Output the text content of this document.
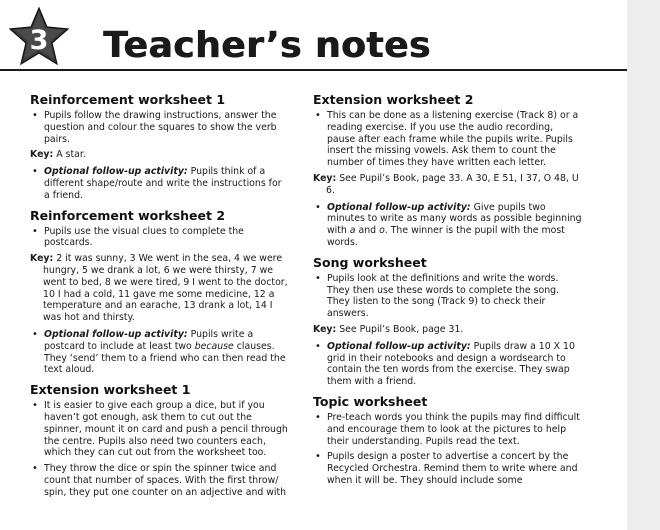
3 Teacher’s notes
Reinforcement worksheet 1

• Pupils follow the drawing instructions, answer the question and colour the squares to show the verb pairs.

Key: A star.

• Optional follow-up activity: Pupils think of a different shape/route and write the instructions for a friend.

Reinforcement worksheet 2

• Pupils use the visual clues to complete the postcards.

Key: 2 it was sunny, 3 We went in the sea, 4 we were hungry, 5 we drank a lot, 6 we were thirsty, 7 we went to bed, 8 we were tired, 9 I went to the doctor, 10 I had a cold, 11 gave me some medicine, 12 a temperature and an earache, 13 drank a lot, 14 I was hot and thirsty.

• Optional follow-up activity: Pupils write a postcard to include at least two because clauses. They ‘send’ them to a friend who can then read the text aloud.

Extension worksheet 1

• It is easier to give each group a dice, but if you haven’t got enough, ask them to cut out the spinner, mount it on card and push a pencil through the centre. Pupils also need two counters each, which they can cut out from the worksheet too.

• They throw the dice or spin the spinner twice and count that number of spaces. With the first throw/ spin, they put one counter on an adjective and with

Extension worksheet 2

• This can be done as a listening exercise (Track 8) or a reading exercise. If you use the audio recording, pause after each frame while the pupils write. Pupils insert the missing vowels. Ask them to count the number of times they have written each letter.

Key: See Pupil’s Book, page 33. A 30, E 51, I 37, O 48, U 6.

• Optional follow-up activity: Give pupils two minutes to write as many words as possible beginning with a and o. The winner is the pupil with the most words.

Song worksheet

• Pupils look at the definitions and write the words. They then use these words to complete the song. They listen to the song (Track 9) to check their answers.

Key: See Pupil’s Book, page 31.

• Optional follow-up activity: Pupils draw a 10 X 10 grid in their notebooks and design a wordsearch to contain the ten words from the exercise. They swap them with a friend.

Topic worksheet

• Pre-teach words you think the pupils may find difficult and encourage them to look at the pictures to help their understanding. Pupils read the text.

• Pupils design a poster to advertise a concert by the Recycled Orchestra. Remind them to write where and when it will be. They should include some
